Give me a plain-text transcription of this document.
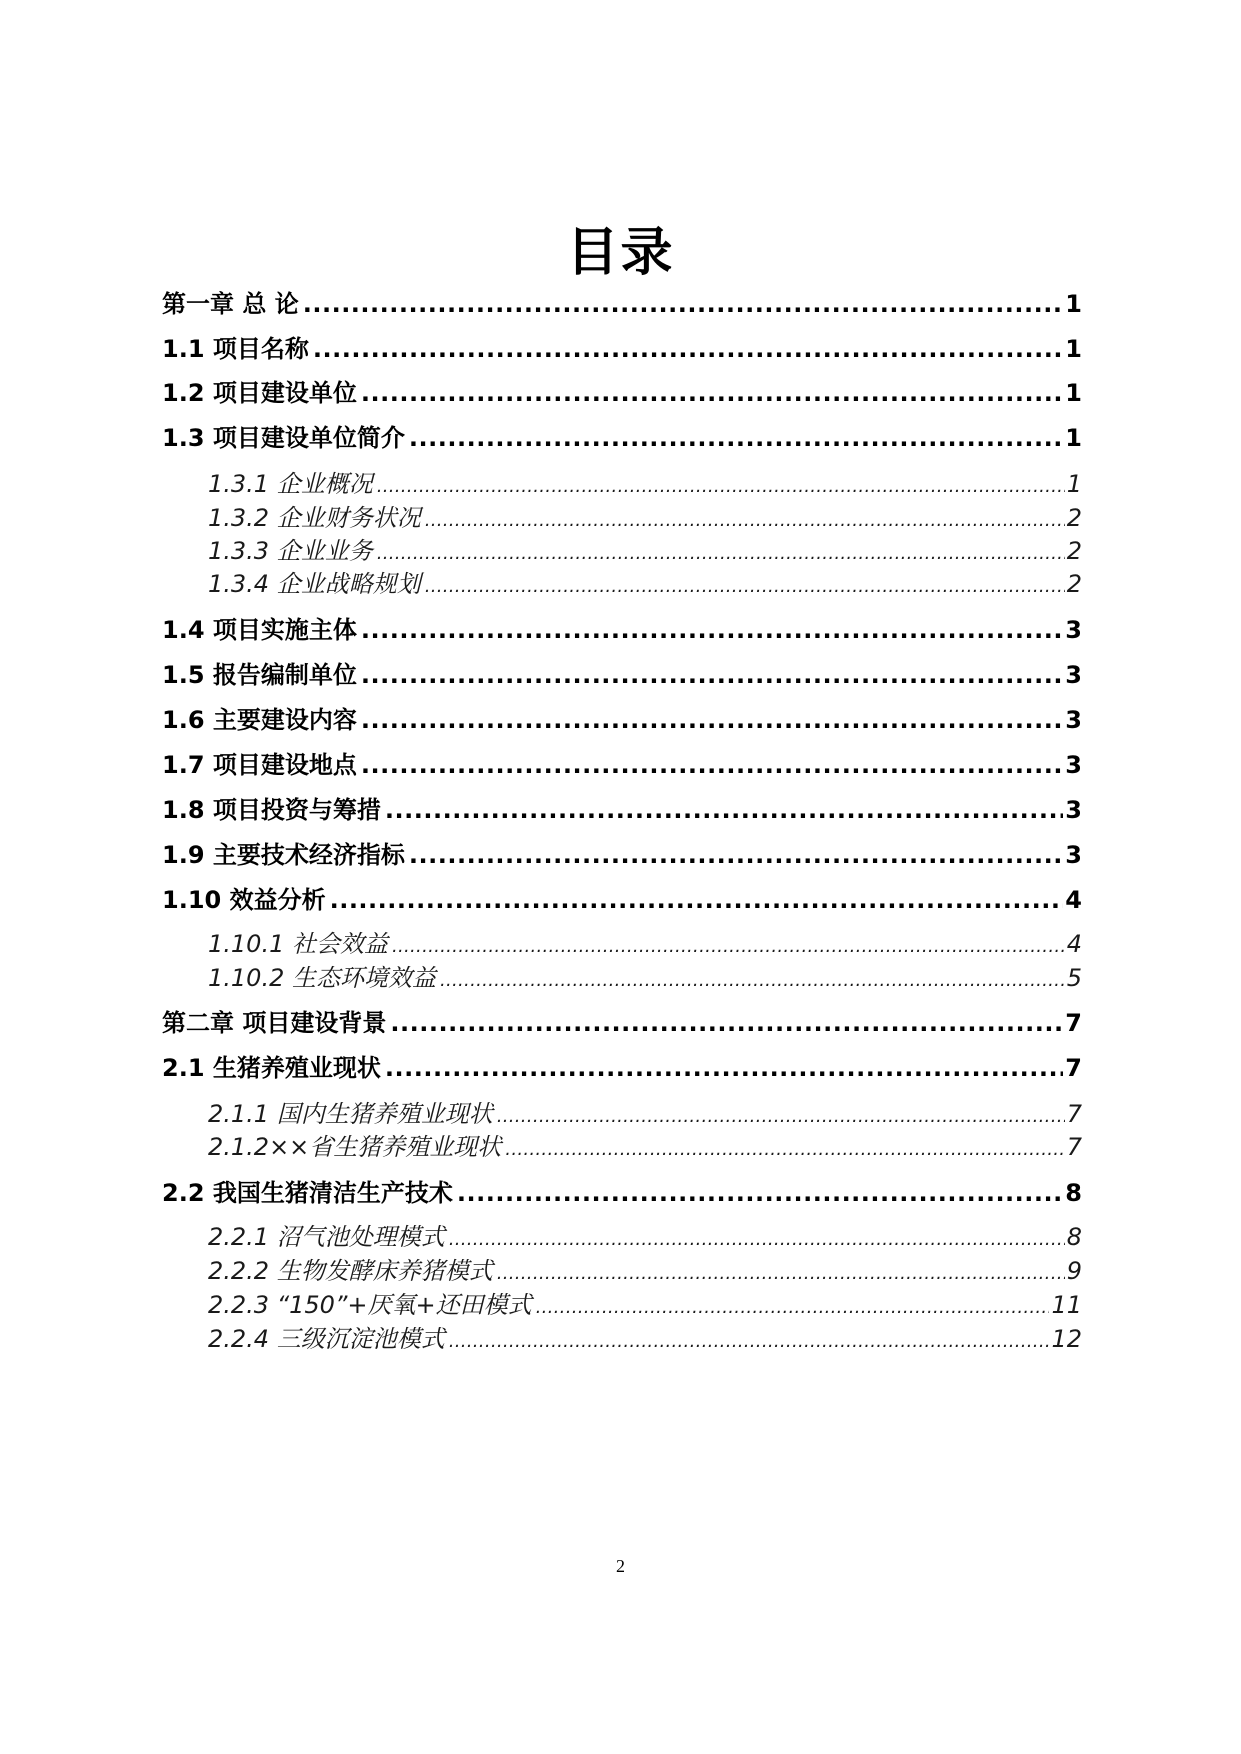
目录
第一章 总 论 .....	1
1.1 项目名称 .....	1
1.2 项目建设单位 .....	1
1.3 项目建设单位简介 .....	1
1.3.1 企业概况 .....	1
1.3.2 企业财务状况 .....	2
1.3.3 企业业务 .....	2
1.3.4 企业战略规划 .....	2
1.4 项目实施主体 .....	3
1.5 报告编制单位 .....	3
1.6 主要建设内容 .....	3
1.7 项目建设地点 .....	3
1.8 项目投资与筹措 .....	3
1.9 主要技术经济指标 .....	3
1.10 效益分析 .....	4
1.10.1 社会效益 .....	4
1.10.2 生态环境效益 .....	5
第二章 项目建设背景 .....	7
2.1 生猪养殖业现状 .....	7
2.1.1 国内生猪养殖业现状 .....	7
2.1.2××省生猪养殖业现状 .....	7
2.2 我国生猪清洁生产技术 .....	8
2.2.1 沼气池处理模式 .....	8
2.2.2 生物发酵床养猪模式 .....	9
2.2.3 “150”+厌氧+还田模式 .....	11
2.2.4 三级沉淀池模式 .....	12
2
